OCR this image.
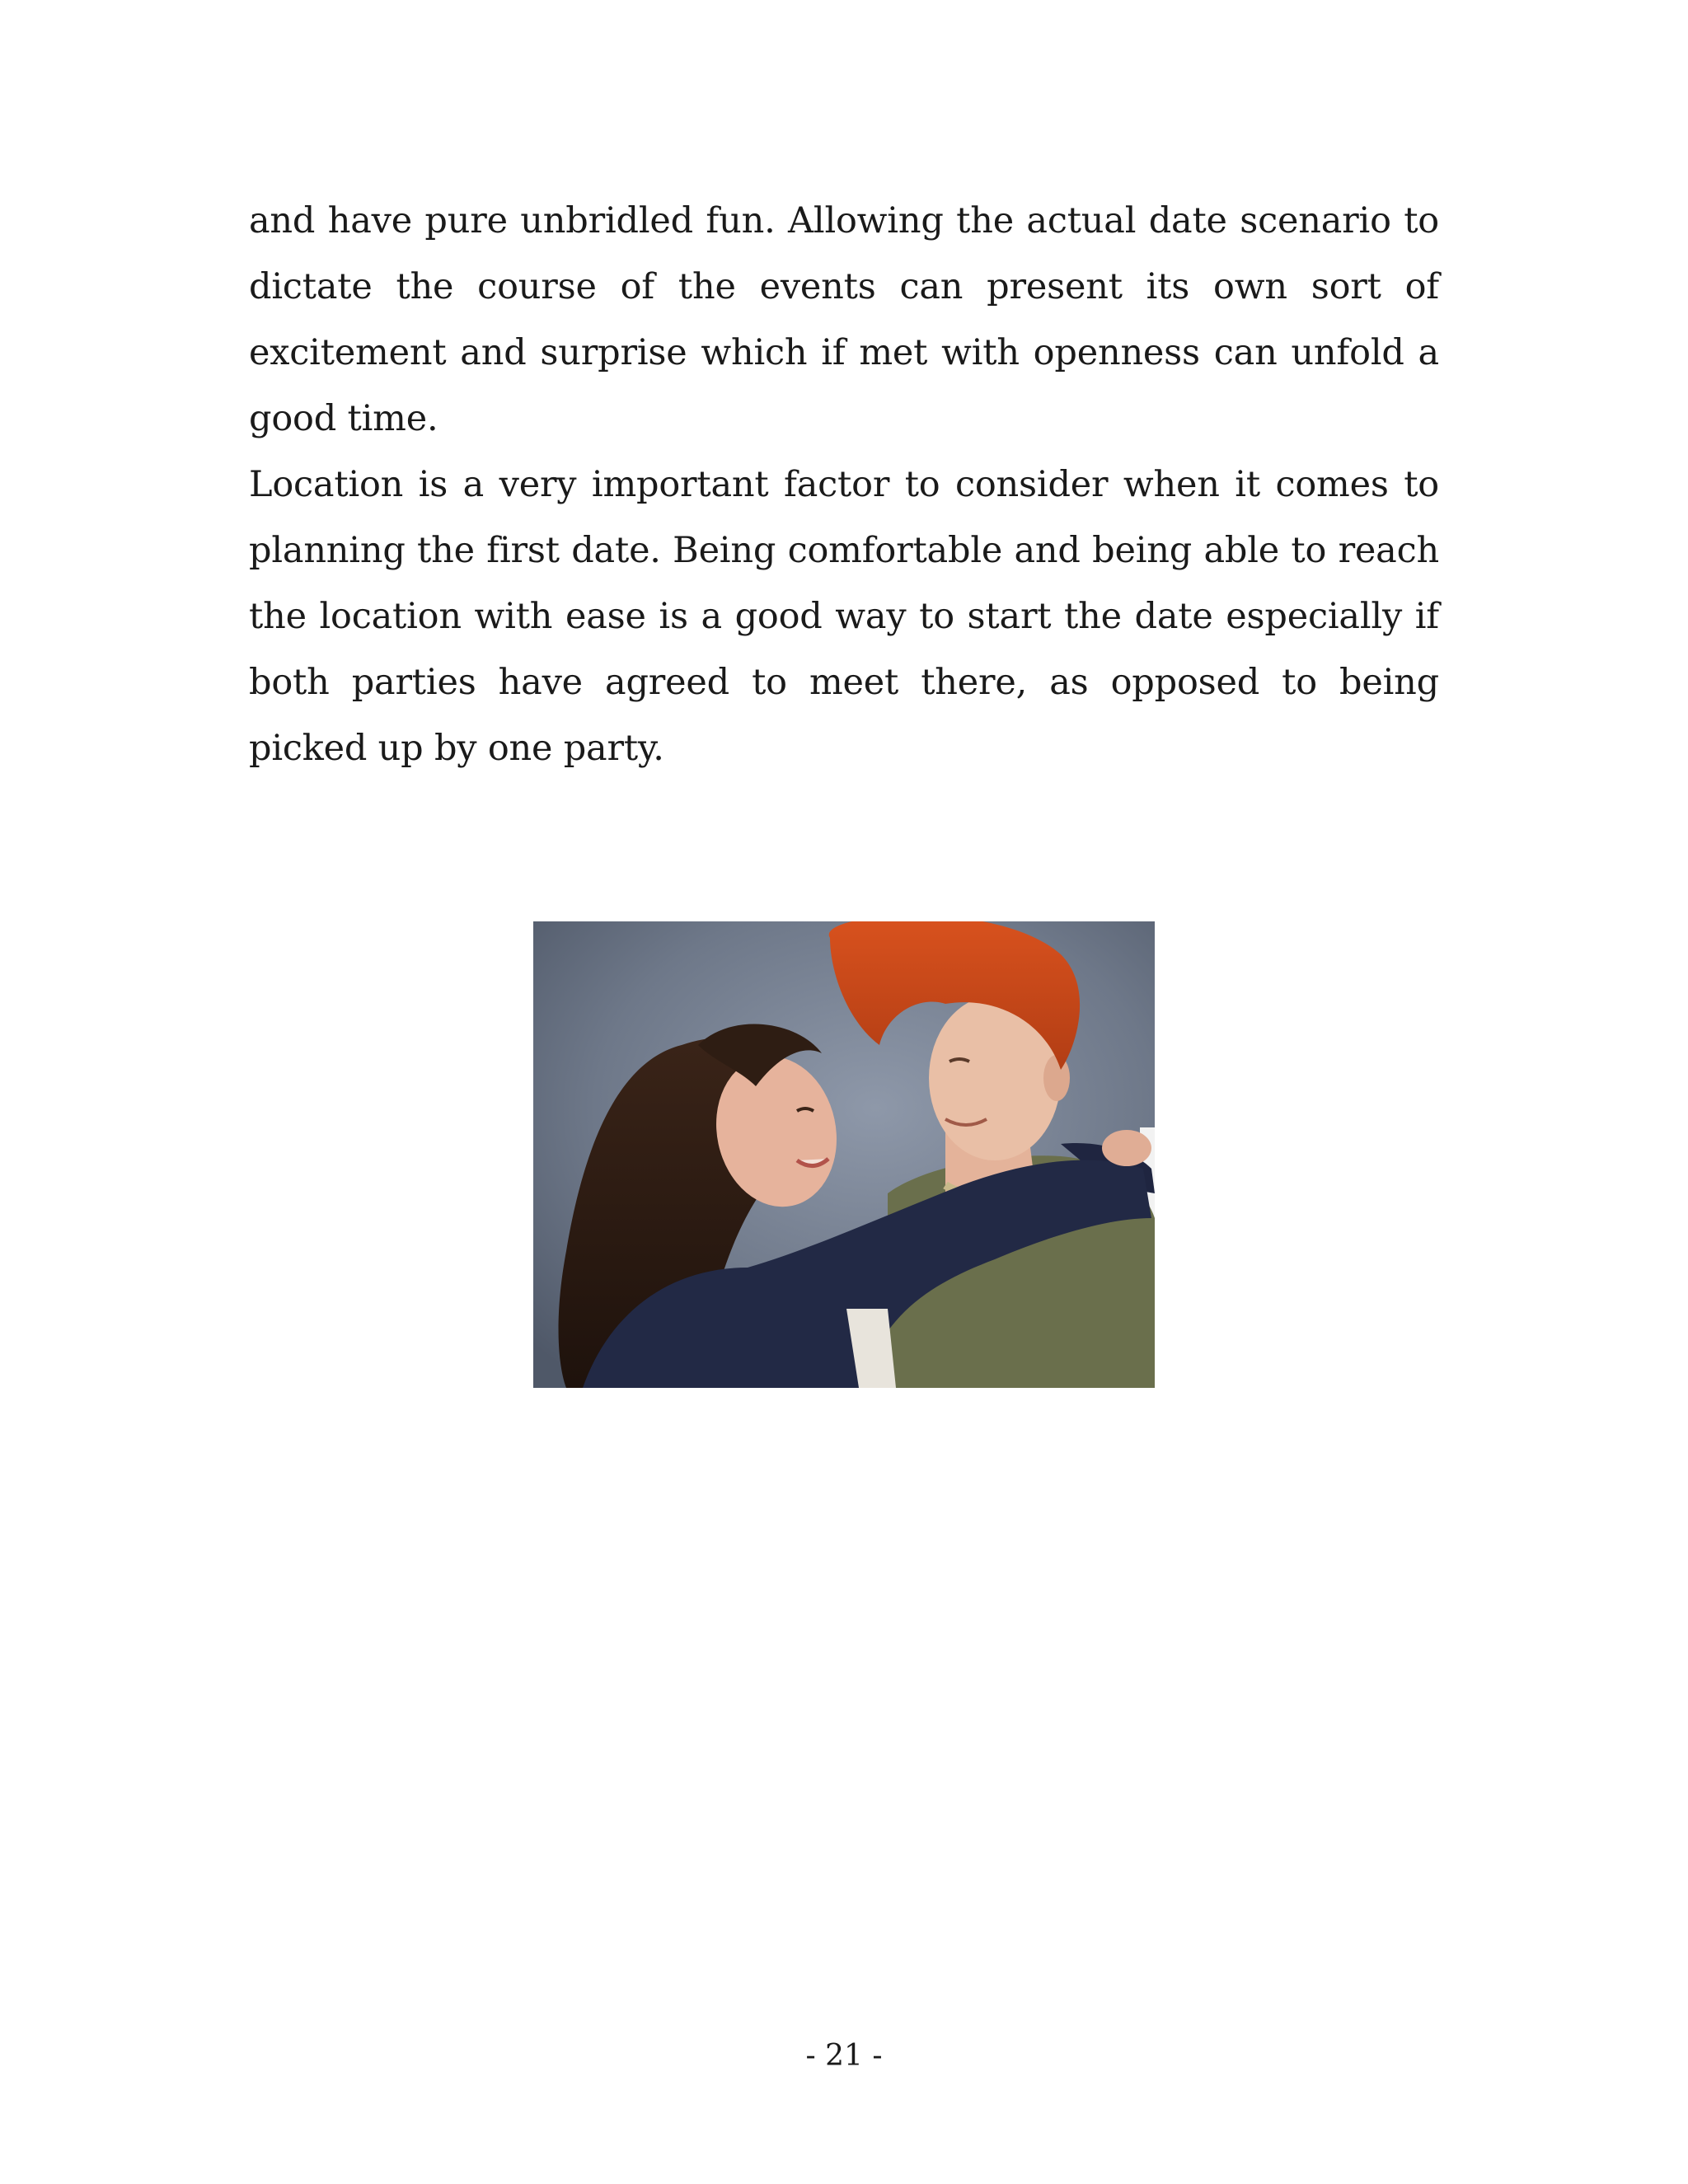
and have pure unbridled fun. Allowing the actual date scenario to dictate the course of the events can present its own sort of excitement and surprise which if met with openness can unfold a good time.

Location is a very important factor to consider when it comes to planning the first date. Being comfortable and being able to reach the location with ease is a good way to start the date especially if both parties have agreed to meet there, as opposed to being picked up by one party.

- 21 -
